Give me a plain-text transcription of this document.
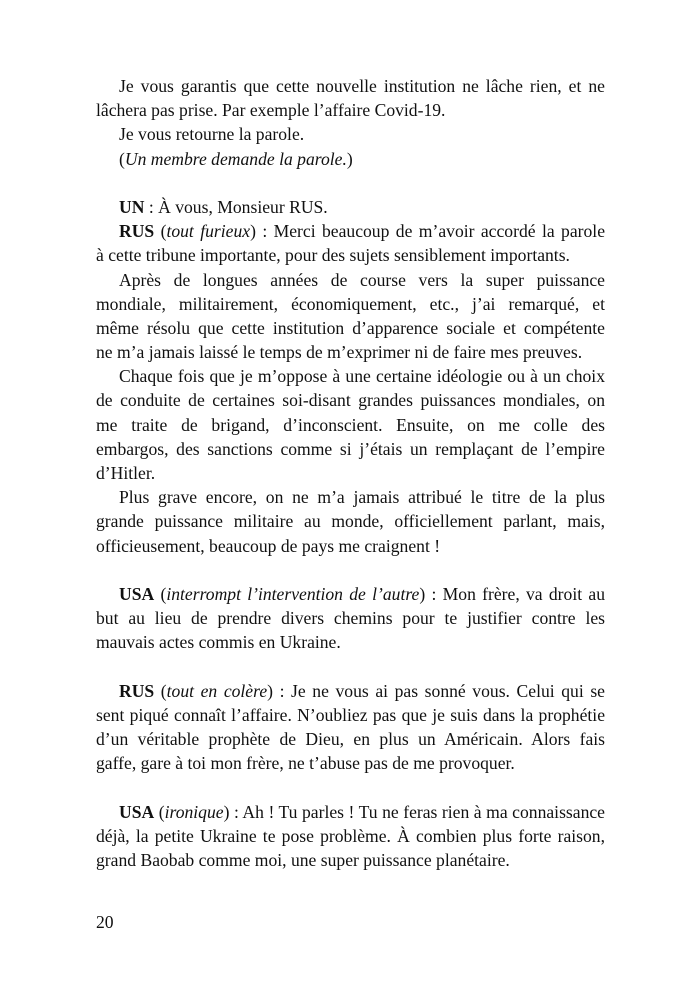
Je vous garantis que cette nouvelle institution ne lâche rien, et ne
lâchera pas prise. Par exemple l’affaire Covid-19.
Je vous retourne la parole.
(Un membre demande la parole.)
UN : À vous, Monsieur RUS.
RUS (tout furieux) : Merci beaucoup de m’avoir accordé la parole
à cette tribune importante, pour des sujets sensiblement importants.
Après de longues années de course vers la super puissance
mondiale, militairement, économiquement, etc., j’ai remarqué, et
même résolu que cette institution d’apparence sociale et compétente
ne m’a jamais laissé le temps de m’exprimer ni de faire mes preuves.
Chaque fois que je m’oppose à une certaine idéologie ou à un choix
de conduite de certaines soi-disant grandes puissances mondiales, on
me traite de brigand, d’inconscient. Ensuite, on me colle des
embargos, des sanctions comme si j’étais un remplaçant de l’empire
d’Hitler.
Plus grave encore, on ne m’a jamais attribué le titre de la plus
grande puissance militaire au monde, officiellement parlant, mais,
officieusement, beaucoup de pays me craignent !
USA (interrompt l’intervention de l’autre) : Mon frère, va droit au
but au lieu de prendre divers chemins pour te justifier contre les
mauvais actes commis en Ukraine.
RUS (tout en colère) : Je ne vous ai pas sonné vous. Celui qui se
sent piqué connaît l’affaire. N’oubliez pas que je suis dans la prophétie
d’un véritable prophète de Dieu, en plus un Américain. Alors fais
gaffe, gare à toi mon frère, ne t’abuse pas de me provoquer.
USA (ironique) : Ah ! Tu parles ! Tu ne feras rien à ma connaissance
déjà, la petite Ukraine te pose problème. À combien plus forte raison,
grand Baobab comme moi, une super puissance planétaire.
20
